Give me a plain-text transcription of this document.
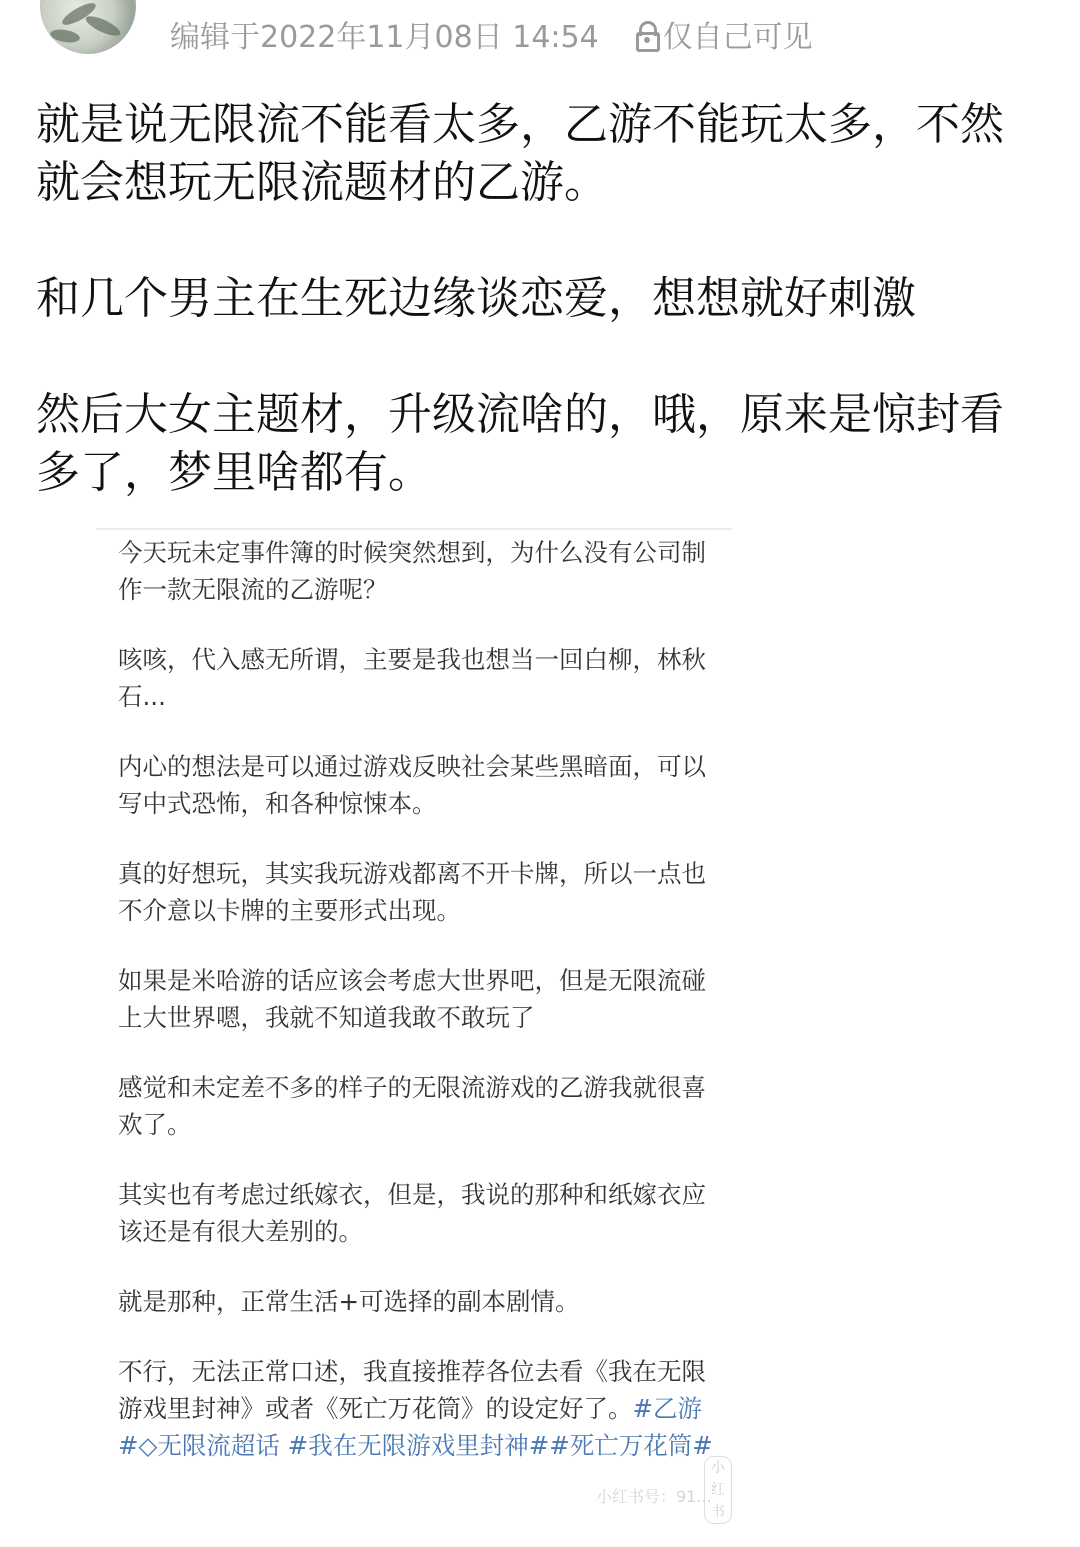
编辑于2022年11月08日 14:54 仅自己可见

就是说无限流不能看太多，乙游不能玩太多，不然就会想玩无限流题材的乙游。

和几个男主在生死边缘谈恋爱，想想就好刺激

然后大女主题材，升级流啥的，哦，原来是惊封看多了，梦里啥都有。

今天玩未定事件簿的时候突然想到，为什么没有公司制作一款无限流的乙游呢？

咳咳，代入感无所谓，主要是我也想当一回白柳，林秋石...

内心的想法是可以通过游戏反映社会某些黑暗面，可以写中式恐怖，和各种惊悚本。

真的好想玩，其实我玩游戏都离不开卡牌，所以一点也不介意以卡牌的主要形式出现。

如果是米哈游的话应该会考虑大世界吧，但是无限流碰上大世界嗯，我就不知道我敢不敢玩了

感觉和未定差不多的样子的无限流游戏的乙游我就很喜欢了。

其实也有考虑过纸嫁衣，但是，我说的那种和纸嫁衣应该还是有很大差别的。

就是那种，正常生活+可选择的副本剧情。

不行，无法正常口述，我直接推荐各位去看《我在无限游戏里封神》或者《死亡万花筒》的设定好了。#乙游#◇无限流超话 #我在无限游戏里封神##死亡万花筒#

小红书
小红书号：91...
